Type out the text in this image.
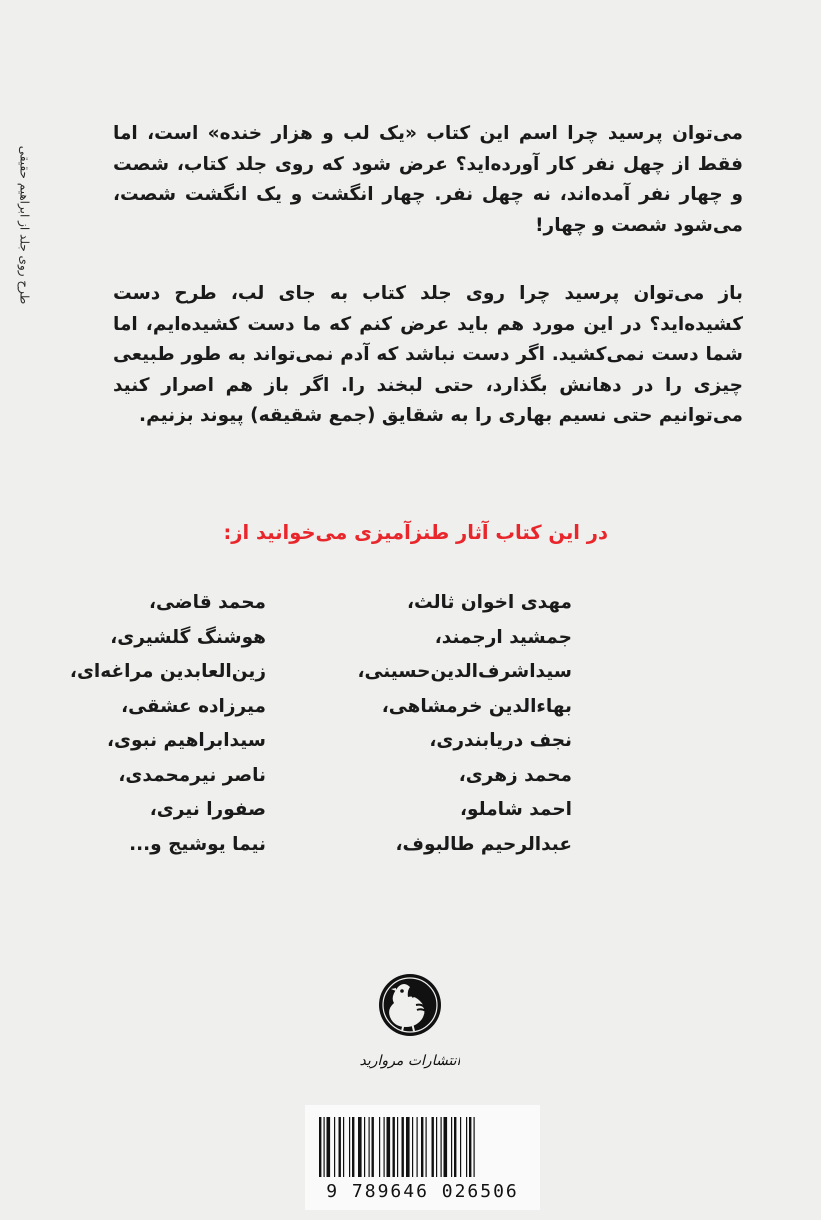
طرح روی جلد از ابراهیم حقیقی

می‌توان پرسید چرا اسم این کتاب «یک لب و هزار خنده» است، اما فقط از چهل نفر کار آورده‌اید؟ عرض شود که روی جلد کتاب، شصت و چهار نفر آمده‌اند، نه چهل نفر. چهار انگشت و یک انگشت شصت، می‌شود شصت و چهار!

باز می‌توان پرسید چرا روی جلد کتاب به جای لب، طرح دست کشیده‌اید؟ در این مورد هم باید عرض کنم که ما دست کشیده‌ایم، اما شما دست نمی‌کشید. اگر دست نباشد که آدم نمی‌تواند به طور طبیعی چیزی را در دهانش بگذارد، حتی لبخند را. اگر باز هم اصرار کنید می‌توانیم حتی نسیم بهاری را به شقایق (جمع شقیقه) پیوند بزنیم.

در این کتاب آثار طنزآمیزی می‌خوانید از:
مهدی اخوان ثالث،
جمشید ارجمند،
سیداشرف‌الدین‌حسینی،
بهاءالدین خرمشاهی،
نجف دریابندری،
محمد زهری،
احمد شاملو،
عبدالرحیم طالبوف،
محمد قاضی،
هوشنگ گلشیری،
زین‌العابدین مراغه‌ای،
میرزاده عشقی،
سیدابراهیم نبوی،
ناصر نیرمحمدی،
صفورا نیری،
نیما یوشیج و...
انتشارات مروارید
9 789646 026506
